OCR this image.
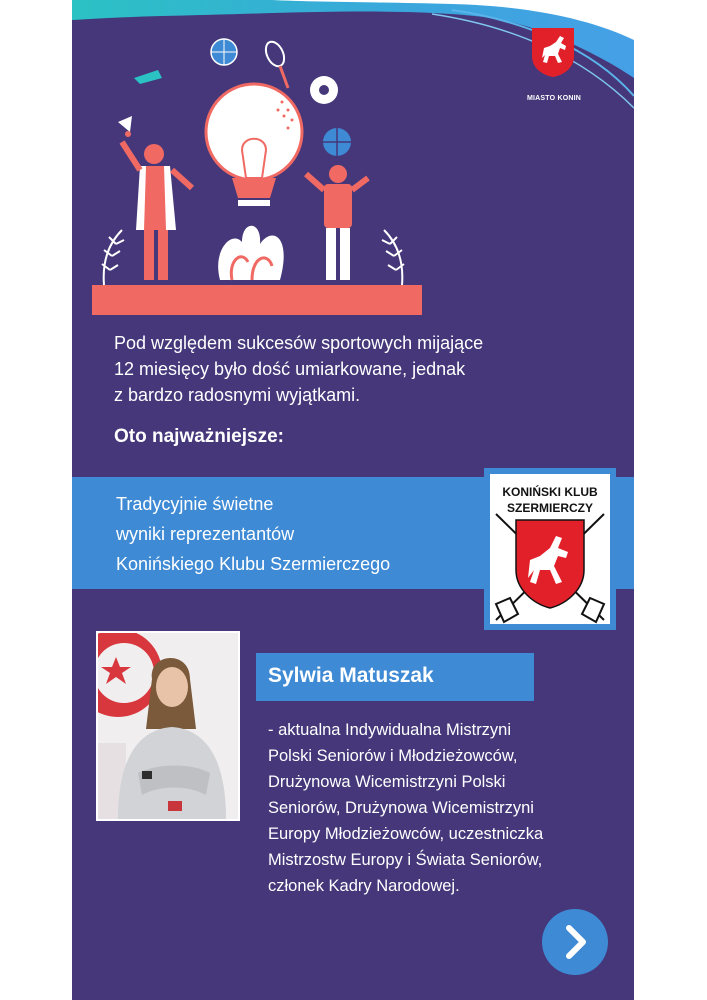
MIASTO KONIN

Pod względem sukcesów sportowych mijające
12 miesięcy było dość umiarkowane, jednak
z bardzo radosnymi wyjątkami.

Oto najważniejsze:

Tradycyjnie świetne
wyniki reprezentantów
Konińskiego Klubu Szermierczego

KONIŃSKI KLUB
SZERMIERCZY
Sylwia Matuszak

- aktualna Indywidualna Mistrzyni
Polski Seniorów i Młodzieżowców,
Drużynowa Wicemistrzyni Polski
Seniorów, Drużynowa Wicemistrzyni
Europy Młodzieżowców, uczestniczka
Mistrzostw Europy i Świata Seniorów,
członek Kadry Narodowej.
